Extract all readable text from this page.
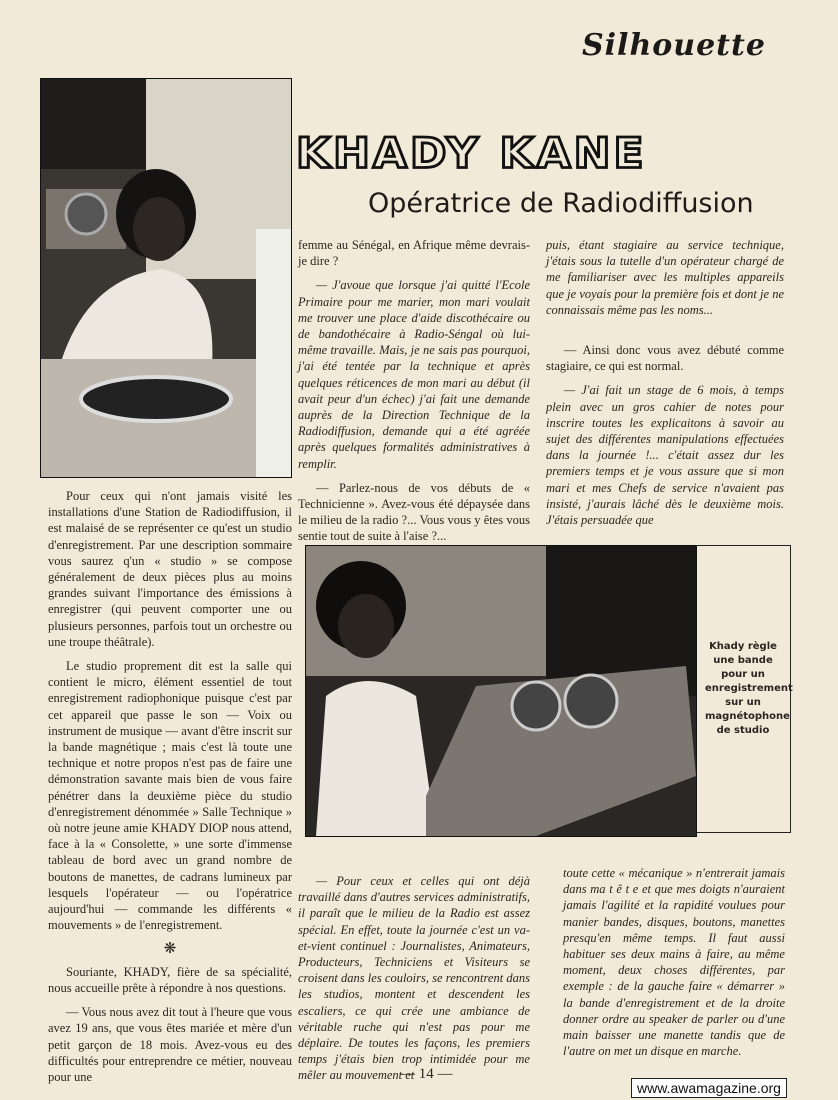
Silhouette
KHADY KANE
Opératrice de Radiodiffusion

Pour ceux qui n'ont jamais visité les installations d'une Station de Radiodiffusion, il est malaisé de se représenter ce qu'est un studio d'enregistrement. Par une description sommaire vous saurez q'un « studio » se compose généralement de deux pièces plus au moins grandes suivant l'importance des émissions à enregistrer (qui peuvent comporter une ou plusieurs personnes, parfois tout un orchestre ou une troupe théâtrale).

Le studio proprement dit est la salle qui contient le micro, élément essentiel de tout enregistrement radiophonique puisque c'est par cet appareil que passe le son — Voix ou instrument de musique — avant d'être inscrit sur la bande magnétique ; mais c'est là toute une technique et notre propos n'est pas de faire une démonstration savante mais bien de vous faire pénétrer dans la deuxième pièce du studio d'enregistrement dénommée » Salle Technique » où notre jeune amie KHADY DIOP nous attend, face à la « Consolette, » une sorte d'immense tableau de bord avec un grand nombre de boutons de manettes, de cadrans lumineux par lesquels l'opérateur — ou l'opératrice aujourd'hui — commande les différents « mouvements » de l'enregistrement.

❋

Souriante, KHADY, fière de sa spécialité, nous accueille prête à répondre à nos questions.

— Vous nous avez dit tout à l'heure que vous avez 19 ans, que vous êtes mariée et mère d'un petit garçon de 18 mois. Avez-vous eu des difficultés pour entreprendre ce métier, nouveau pour une

femme au Sénégal, en Afrique même devrais-je dire ?

— J'avoue que lorsque j'ai quitté l'Ecole Primaire pour me marier, mon mari voulait me trouver une place d'aide discothécaire ou de bandothécaire à Radio-Séngal où lui-même travaille. Mais, je ne sais pas pourquoi, j'ai été tentée par la technique et après quelques réticences de mon mari au début (il avait peur d'un échec) j'ai fait une demande auprès de la Direction Technique de la Radiodiffusion, demande qui a été agréée après quelques formalités administratives à remplir.

— Parlez-nous de vos débuts de « Technicienne ». Avez-vous été dépaysée dans le milieu de la radio ?... Vous vous y êtes vous sentie tout de suite à l'aise ?...

puis, étant stagiaire au service technique, j'étais sous la tutelle d'un opérateur chargé de me familiariser avec les multiples appareils que je voyais pour la première fois et dont je ne connaissais même pas les noms...

— Ainsi donc vous avez débuté comme stagiaire, ce qui est normal.

— J'ai fait un stage de 6 mois, à temps plein avec un gros cahier de notes pour inscrire toutes les explicaitons à savoir au sujet des différentes manipulations effectuées dans la journée !... c'était assez dur les premiers temps et je vous assure que si mon mari et mes Chefs de service n'avaient pas insisté, j'aurais lâché dès le deuxième mois. J'étais persuadée que

Khady règle une bande pour un enregistrement sur un magnétophone de studio

— Pour ceux et celles qui ont déjà travaillé dans d'autres services administratifs, il paraît que le milieu de la Radio est assez spécial. En effet, toute la journée c'est un va-et-vient continuel : Journalistes, Animateurs, Producteurs, Techniciens et Visiteurs se croisent dans les couloirs, se rencontrent dans les studios, montent et descendent les escaliers, ce qui crée une ambiance de véritable ruche qui n'est pas pour me déplaire. De toutes les façons, les premiers temps j'étais bien trop intimidée pour me mêler au mouvement et

toute cette « mécanique » n'entrerait jamais dans ma t ê t e et que mes doigts n'auraient jamais l'agilité et la rapidité voulues pour manier bandes, disques, boutons, manettes presqu'en même temps. Il faut aussi habituer ses deux mains à faire, au même moment, deux choses différentes, par exemple : de la gauche faire « démarrer » la bande d'enregistrement et de la droite donner ordre au speaker de parler ou d'une main baisser une manette tandis que de l'autre on met un disque en marche.

— 14 —
www.awamagazine.org
